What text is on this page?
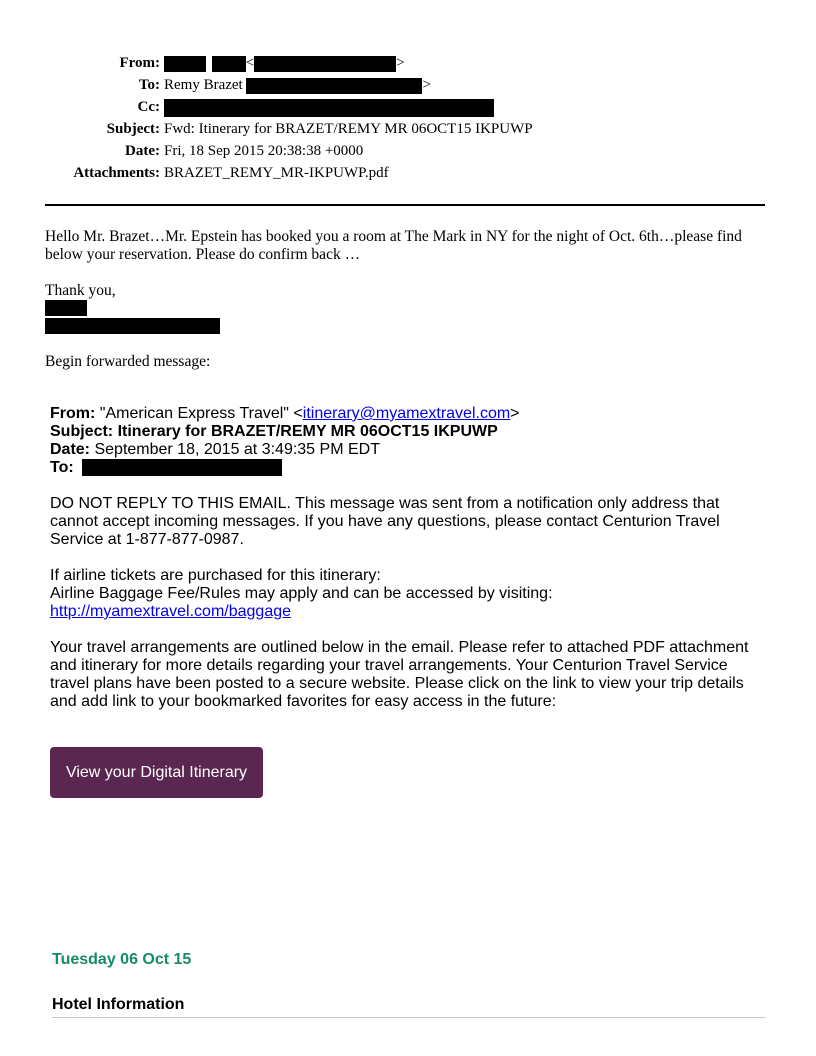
From:	<	>
To: Remy Brazet	>
Cc:
Subject: Fwd: Itinerary for BRAZET/REMY MR 06OCT15 IKPUWP
Date: Fri, 18 Sep 2015 20:38:38 +0000
Attachments: BRAZET_REMY_MR-IKPUWP.pdf
Hello Mr. Brazet…Mr. Epstein has booked you a room at The Mark in NY for the night of Oct. 6th…please find below your reservation. Please do confirm back …
Thank you,
Begin forwarded message:
From: "American Express Travel" <itinerary@myamextravel.com>
Subject: Itinerary for BRAZET/REMY MR 06OCT15 IKPUWP
Date: September 18, 2015 at 3:49:35 PM EDT
To:
DO NOT REPLY TO THIS EMAIL. This message was sent from a notification only address that cannot accept incoming messages. If you have any questions, please contact Centurion Travel Service at 1-877-877-0987.
If airline tickets are purchased for this itinerary:
Airline Baggage Fee/Rules may apply and can be accessed by visiting:
http://myamextravel.com/baggage
Your travel arrangements are outlined below in the email. Please refer to attached PDF attachment and itinerary for more details regarding your travel arrangements. Your Centurion Travel Service travel plans have been posted to a secure website. Please click on the link to view your trip details and add link to your bookmarked favorites for easy access in the future:
View your Digital Itinerary
Tuesday 06 Oct 15
Hotel Information
